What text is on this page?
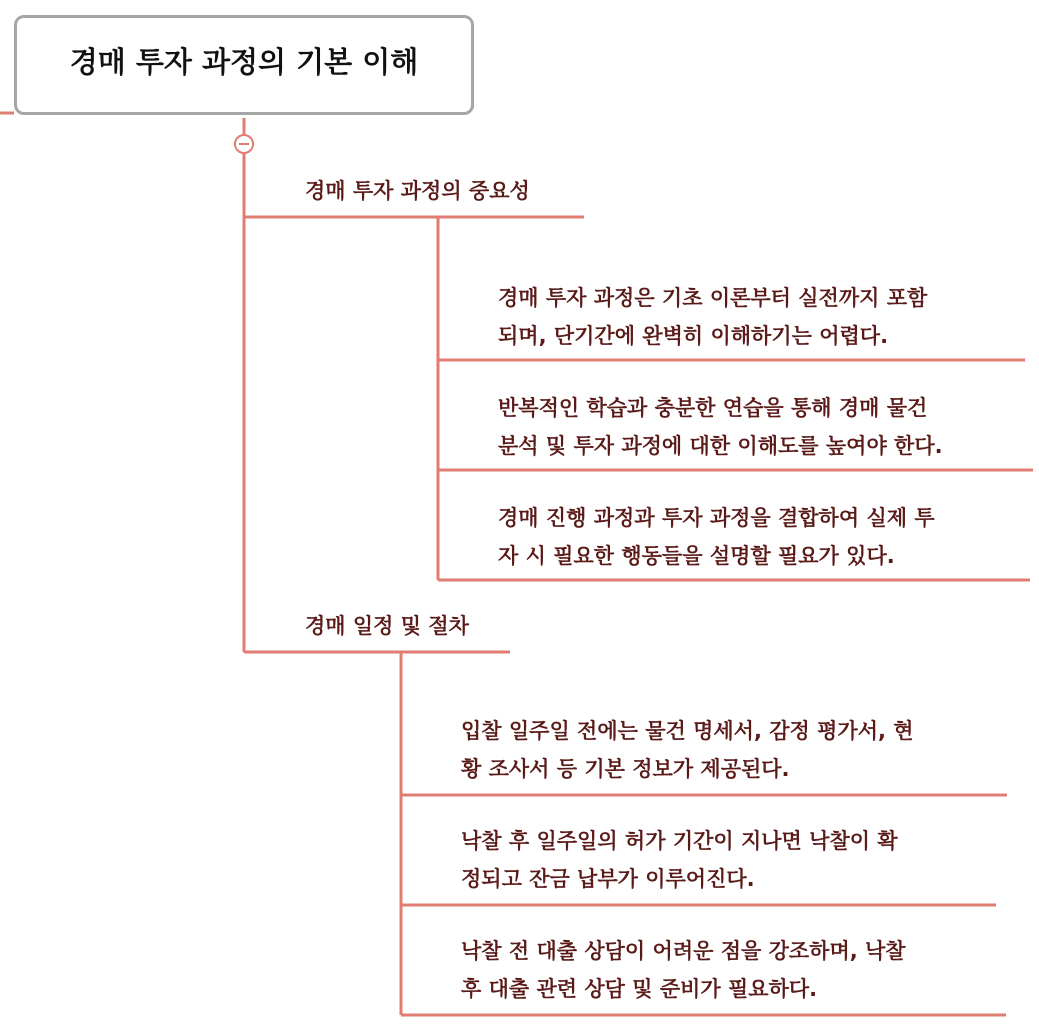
경매 투자 과정의 기본 이해
경매 투자 과정의 중요성
경매 투자 과정은 기초 이론부터 실전까지 포함
되며, 단기간에 완벽히 이해하기는 어렵다.
반복적인 학습과 충분한 연습을 통해 경매 물건
분석 및 투자 과정에 대한 이해도를 높여야 한다.
경매 진행 과정과 투자 과정을 결합하여 실제 투
자 시 필요한 행동들을 설명할 필요가 있다.
경매 일정 및 절차
입찰 일주일 전에는 물건 명세서, 감정 평가서, 현
황 조사서 등 기본 정보가 제공된다.
낙찰 후 일주일의 허가 기간이 지나면 낙찰이 확
정되고 잔금 납부가 이루어진다.
낙찰 전 대출 상담이 어려운 점을 강조하며, 낙찰
후 대출 관련 상담 및 준비가 필요하다.
